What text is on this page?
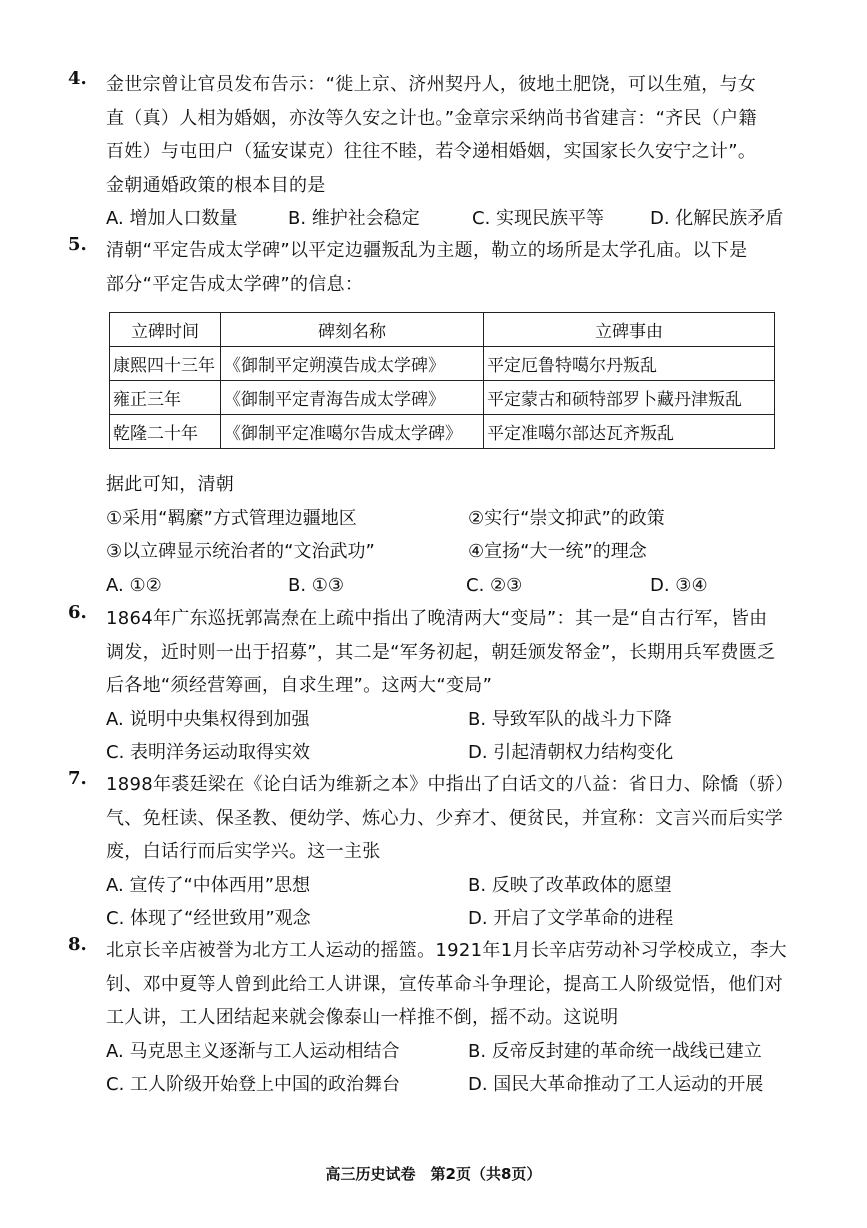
4. 金世宗曾让官员发布告示：“徙上京、济州契丹人，彼地土肥饶，可以生殖，与女
直（真）人相为婚姻，亦汝等久安之计也。”金章宗采纳尚书省建言：“齐民（户籍
百姓）与屯田户（猛安谋克）往往不睦，若令递相婚姻，实国家长久安宁之计”。
金朝通婚政策的根本目的是
A. 增加人口数量	B. 维护社会稳定	C. 实现民族平等	D. 化解民族矛盾
5. 清朝“平定告成太学碑”以平定边疆叛乱为主题，勒立的场所是太学孔庙。以下是
部分“平定告成太学碑”的信息：
立碑时间	碑刻名称	立碑事由
康熙四十三年	《御制平定朔漠告成太学碑》	平定厄鲁特噶尔丹叛乱
雍正三年	《御制平定青海告成太学碑》	平定蒙古和硕特部罗卜藏丹津叛乱
乾隆二十年	《御制平定准噶尔告成太学碑》	平定准噶尔部达瓦齐叛乱
据此可知，清朝
①采用“羁縻”方式管理边疆地区	②实行“崇文抑武”的政策
③以立碑显示统治者的“文治武功”	④宣扬“大一统”的理念
A. ①②	B. ①③	C. ②③	D. ③④
6. 1864年广东巡抚郭嵩焘在上疏中指出了晚清两大“变局”：其一是“自古行军，皆由
调发，近时则一出于招募”，其二是“军务初起，朝廷颁发帑金”，长期用兵军费匮乏
后各地“须经营筹画，自求生理”。这两大“变局”
A. 说明中央集权得到加强	B. 导致军队的战斗力下降
C. 表明洋务运动取得实效	D. 引起清朝权力结构变化
7. 1898年裘廷梁在《论白话为维新之本》中指出了白话文的八益：省日力、除憍（骄）
气、免枉读、保圣教、便幼学、炼心力、少弃才、便贫民，并宣称：文言兴而后实学
废，白话行而后实学兴。这一主张
A. 宣传了“中体西用”思想	B. 反映了改革政体的愿望
C. 体现了“经世致用”观念	D. 开启了文学革命的进程
8. 北京长辛店被誉为北方工人运动的摇篮。1921年1月长辛店劳动补习学校成立，李大
钊、邓中夏等人曾到此给工人讲课，宣传革命斗争理论，提高工人阶级觉悟，他们对
工人讲，工人团结起来就会像泰山一样推不倒，摇不动。这说明
A. 马克思主义逐渐与工人运动相结合	B. 反帝反封建的革命统一战线已建立
C. 工人阶级开始登上中国的政治舞台	D. 国民大革命推动了工人运动的开展
高三历史试卷　第2页（共8页）
